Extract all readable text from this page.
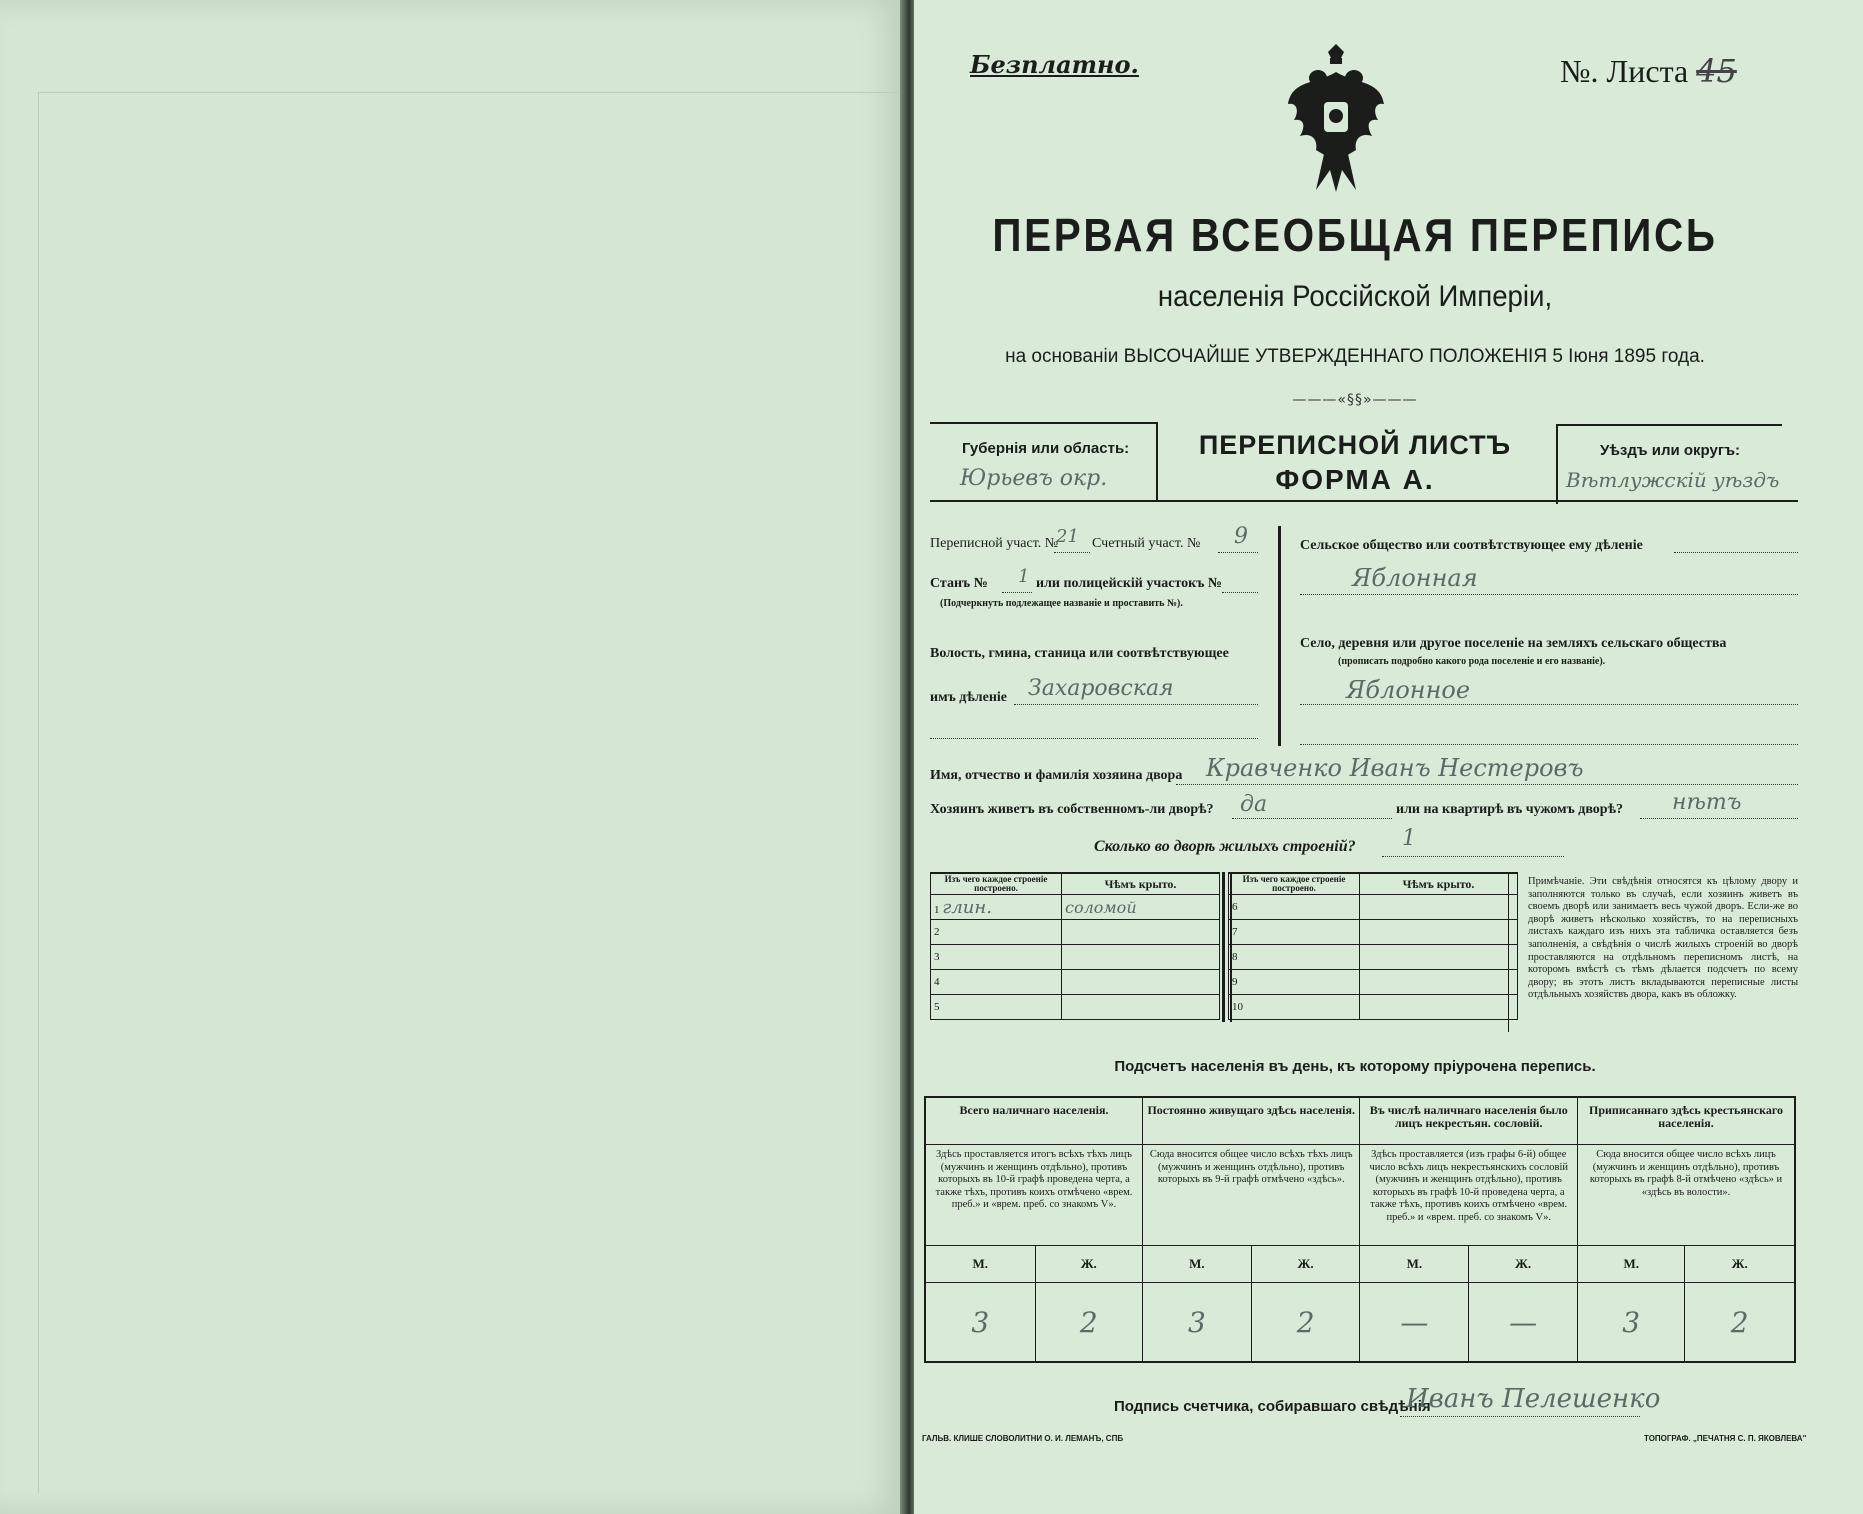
Безплатно.	№. Листа 45
ПЕРВАЯ ВСЕОБЩАЯ ПЕРЕПИСЬ
населенія Россійской Имперіи,
на основаніи ВЫСОЧАЙШЕ УТВЕРЖДЕННАГО ПОЛОЖЕНІЯ 5 Іюня 1895 года.
———«§§»———
Губернія или область:
Юрьевъ окр.
ПЕРЕПИСНОЙ ЛИСТЪ
ФОРМА А.
Уѣздъ или округъ:
Вѣтлужскій уѣздъ
Переписной участ. №
21 Счетный участ. № 9
Станъ № 1 или полицейскій участокъ №
(Подчеркнуть подлежащее названіе и проставить №).
Волость, гмина, станица или соотвѣтствующее
имъ дѣленіе Захаровская
Сельское общество или соотвѣтствующее ему дѣленіе
Яблонная
Село, деревня или другое поселеніе на земляхъ сельскаго общества
(прописать подробно какого рода поселеніе и его названіе).
Яблонное
Имя, отчество и фамилія хозяина двора Кравченко Иванъ Нестеровъ
Хозяинъ живетъ въ собственномъ-ли дворѣ? да	или на квартирѣ въ чужомъ дворѣ? нѣтъ
Сколько во дворѣ жилыхъ строеній? 1
Изъ чего каждое строеніе построено.	Чѣмъ крыто.
1 глин.	соломой
2	
3	
4	
5	
Изъ чего каждое строеніе построено.	Чѣмъ крыто.
6	
7	
8	
9	
10	
Примѣчаніе. Эти свѣдѣнія относятся къ цѣлому двору и заполняются только въ случаѣ, если хозяинъ живетъ въ своемъ дворѣ или занимаетъ весь чужой дворъ. Если-же во дворѣ живетъ нѣсколько хозяйствъ, то на переписныхъ листахъ каждаго изъ нихъ эта табличка оставляется безъ заполненія, а свѣдѣнія о числѣ жилыхъ строеній во дворѣ проставляются на отдѣльномъ переписномъ листѣ, на которомъ вмѣстѣ съ тѣмъ дѣлается подсчетъ по всему двору; въ этотъ листъ вкладываются переписные листы отдѣльныхъ хозяйствъ двора, какъ въ обложку.
Подсчетъ населенія въ день, къ которому пріурочена перепись.
Всего наличнаго населенія.		Постоянно живущаго здѣсь населенія.		Въ числѣ наличнаго населенія было лицъ некрестьян. сословій.		Приписаннаго здѣсь крестьянскаго населенія.	
Здѣсь проставляется итогъ всѣхъ тѣхъ лицъ (мужчинъ и женщинъ отдѣльно), противъ которыхъ въ 10-й графѣ проведена черта, а также тѣхъ, противъ коихъ отмѣчено «врем. преб.» и «врем. преб. со знакомъ V».		Сюда вносится общее число всѣхъ тѣхъ лицъ (мужчинъ и женщинъ отдѣльно), противъ которыхъ въ 9-й графѣ отмѣчено «здѣсь».		Здѣсь проставляется (изъ графы 6-й) общее число всѣхъ лицъ некрестьянскихъ сословій (мужчинъ и женщинъ отдѣльно), противъ которыхъ въ графѣ 10-й проведена черта, а также тѣхъ, противъ коихъ отмѣчено «врем. преб.» и «врем. преб. со знакомъ V».		Сюда вносится общее число всѣхъ лицъ (мужчинъ и женщинъ отдѣльно), противъ которыхъ въ графѣ 8-й отмѣчено «здѣсь» и «здѣсь въ волости».	
М.	Ж.	М.	Ж.	М.	Ж.	М.	Ж.
3	2	3	2	—	—	3	2
Подпись счетчика, собиравшаго свѣдѣнія
Иванъ Пелешенко
ГАЛЬВ. КЛИШЕ СЛОВОЛИТНИ О. И. ЛЕМАНЪ, СПБ	ТОПОГРАФ. „ПЕЧАТНЯ С. П. ЯКОВЛЕВА"
